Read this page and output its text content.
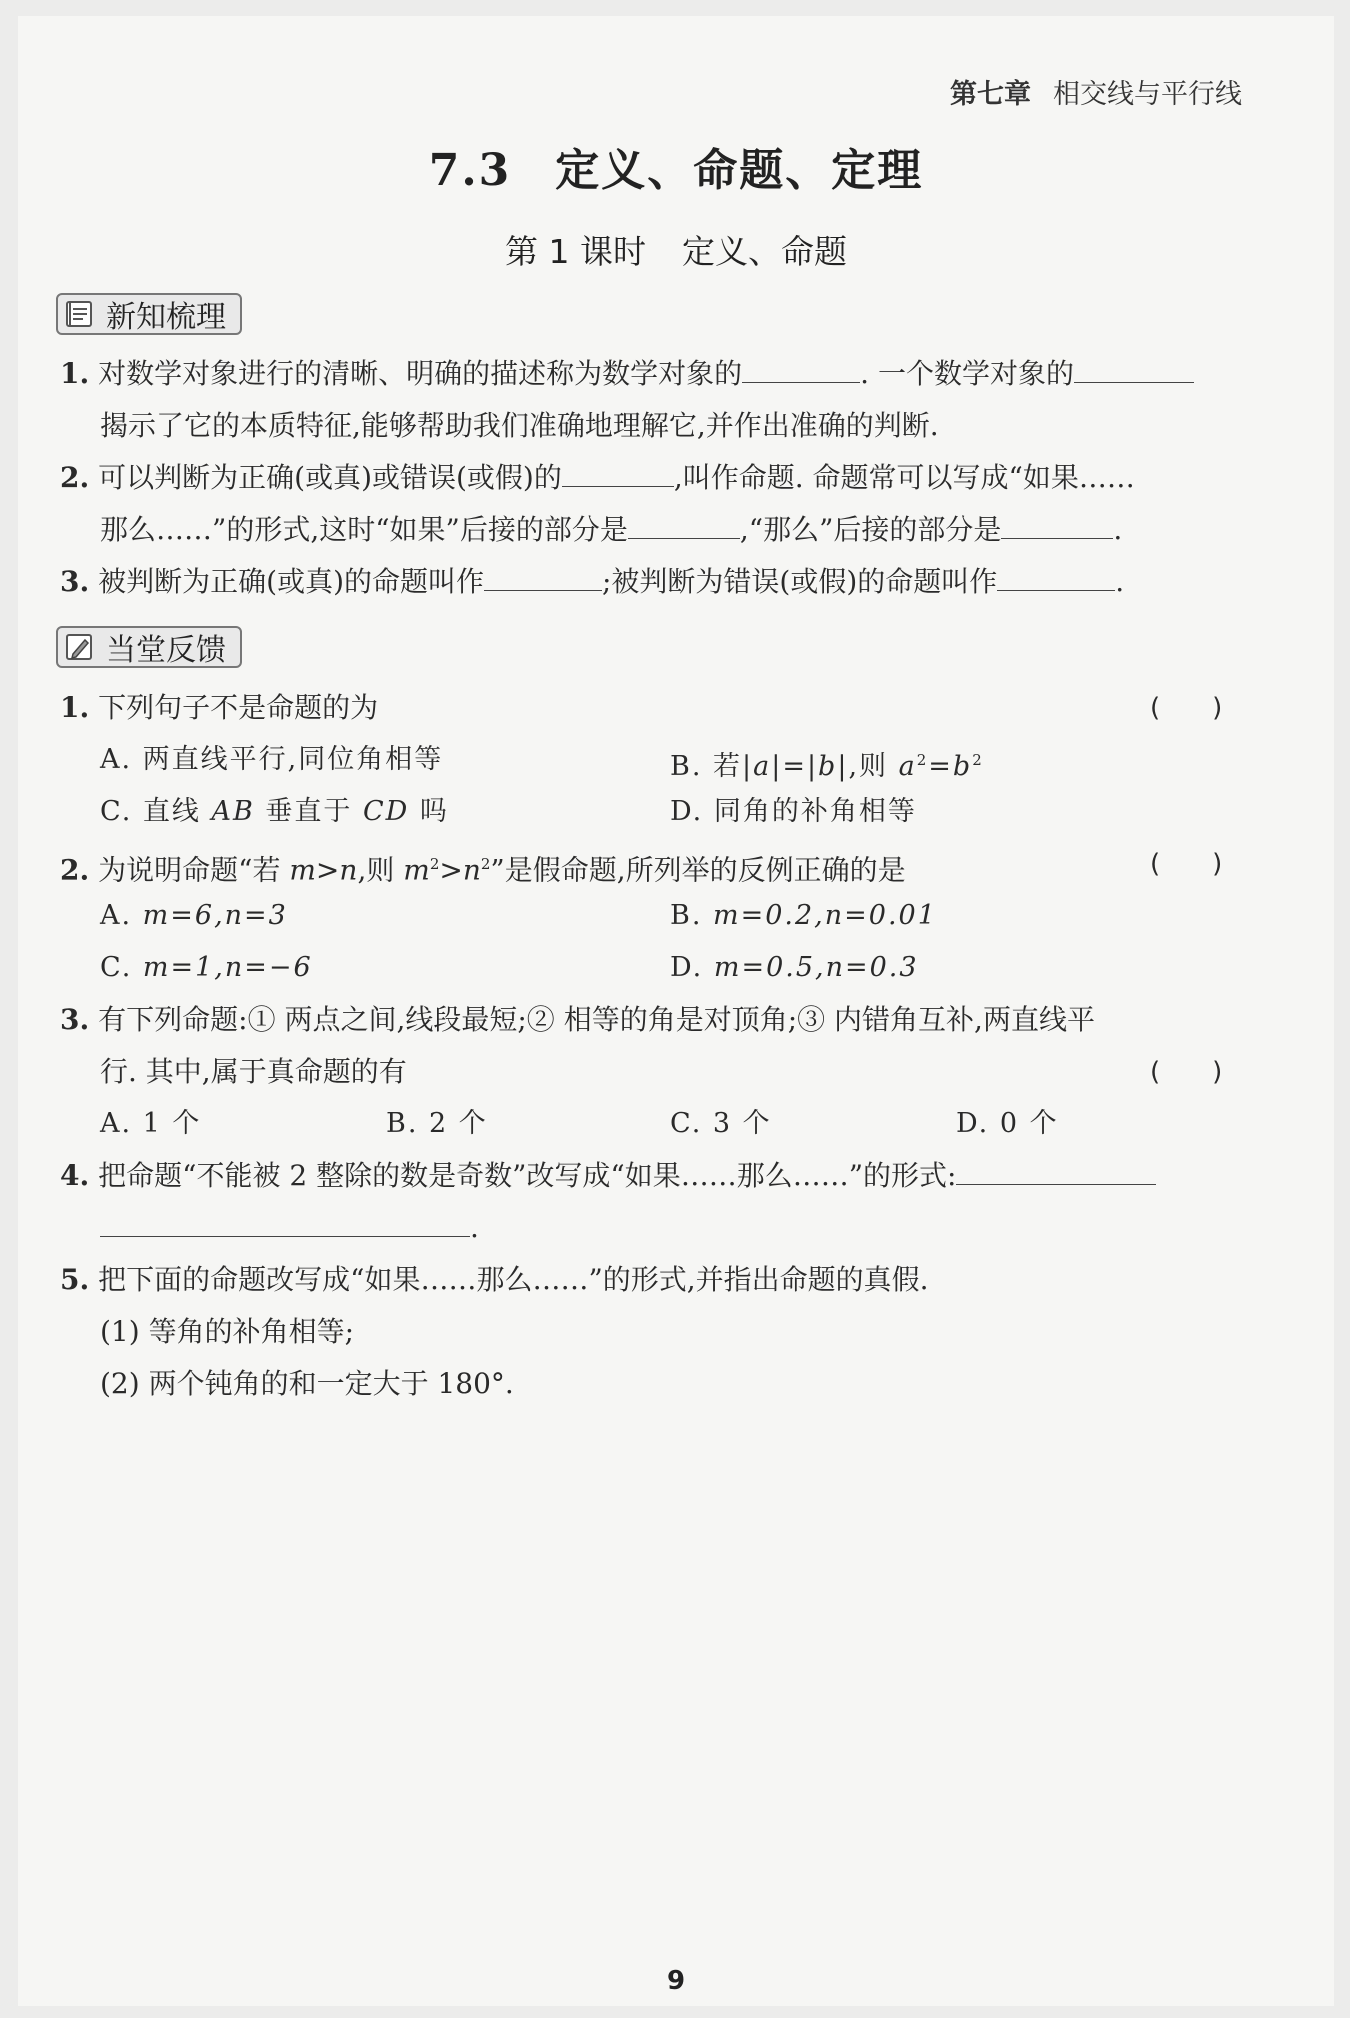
第七章 相交线与平行线
7.3 定义、命题、定理
第 1 课时 定义、命题
新知梳理
1. 对数学对象进行的清晰、明确的描述称为数学对象的	. 一个数学对象的
揭示了它的本质特征,能够帮助我们准确地理解它,并作出准确的判断.
2. 可以判断为正确(或真)或错误(或假)的	,叫作命题. 命题常可以写成“如果……
那么……”的形式,这时“如果”后接的部分是	,“那么”后接的部分是	.
3. 被判断为正确(或真)的命题叫作	;被判断为错误(或假)的命题叫作	.
当堂反馈
1. 下列句子不是命题的为	(　　)
A. 两直线平行,同位角相等	B. 若|a|=|b|,则 $a^2=b^2$
C. 直线 AB 垂直于 CD 吗	D. 同角的补角相等
2. 为说明命题“若 m>n,则 $m^2>n^2$”是假命题,所列举的反例正确的是	(　　)
A. m=6,n=3	B. m=0.2,n=0.01
C. m=1,n=−6	D. m=0.5,n=0.3
3. 有下列命题:① 两点之间,线段最短;② 相等的角是对顶角;③ 内错角互补,两直线平
行. 其中,属于真命题的有	(　　)
A. 1 个	B. 2 个	C. 3 个	D. 0 个
4. 把命题“不能被 2 整除的数是奇数”改写成“如果……那么……”的形式:
.
5. 把下面的命题改写成“如果……那么……”的形式,并指出命题的真假.
(1) 等角的补角相等;
(2) 两个钝角的和一定大于 180°.
9
